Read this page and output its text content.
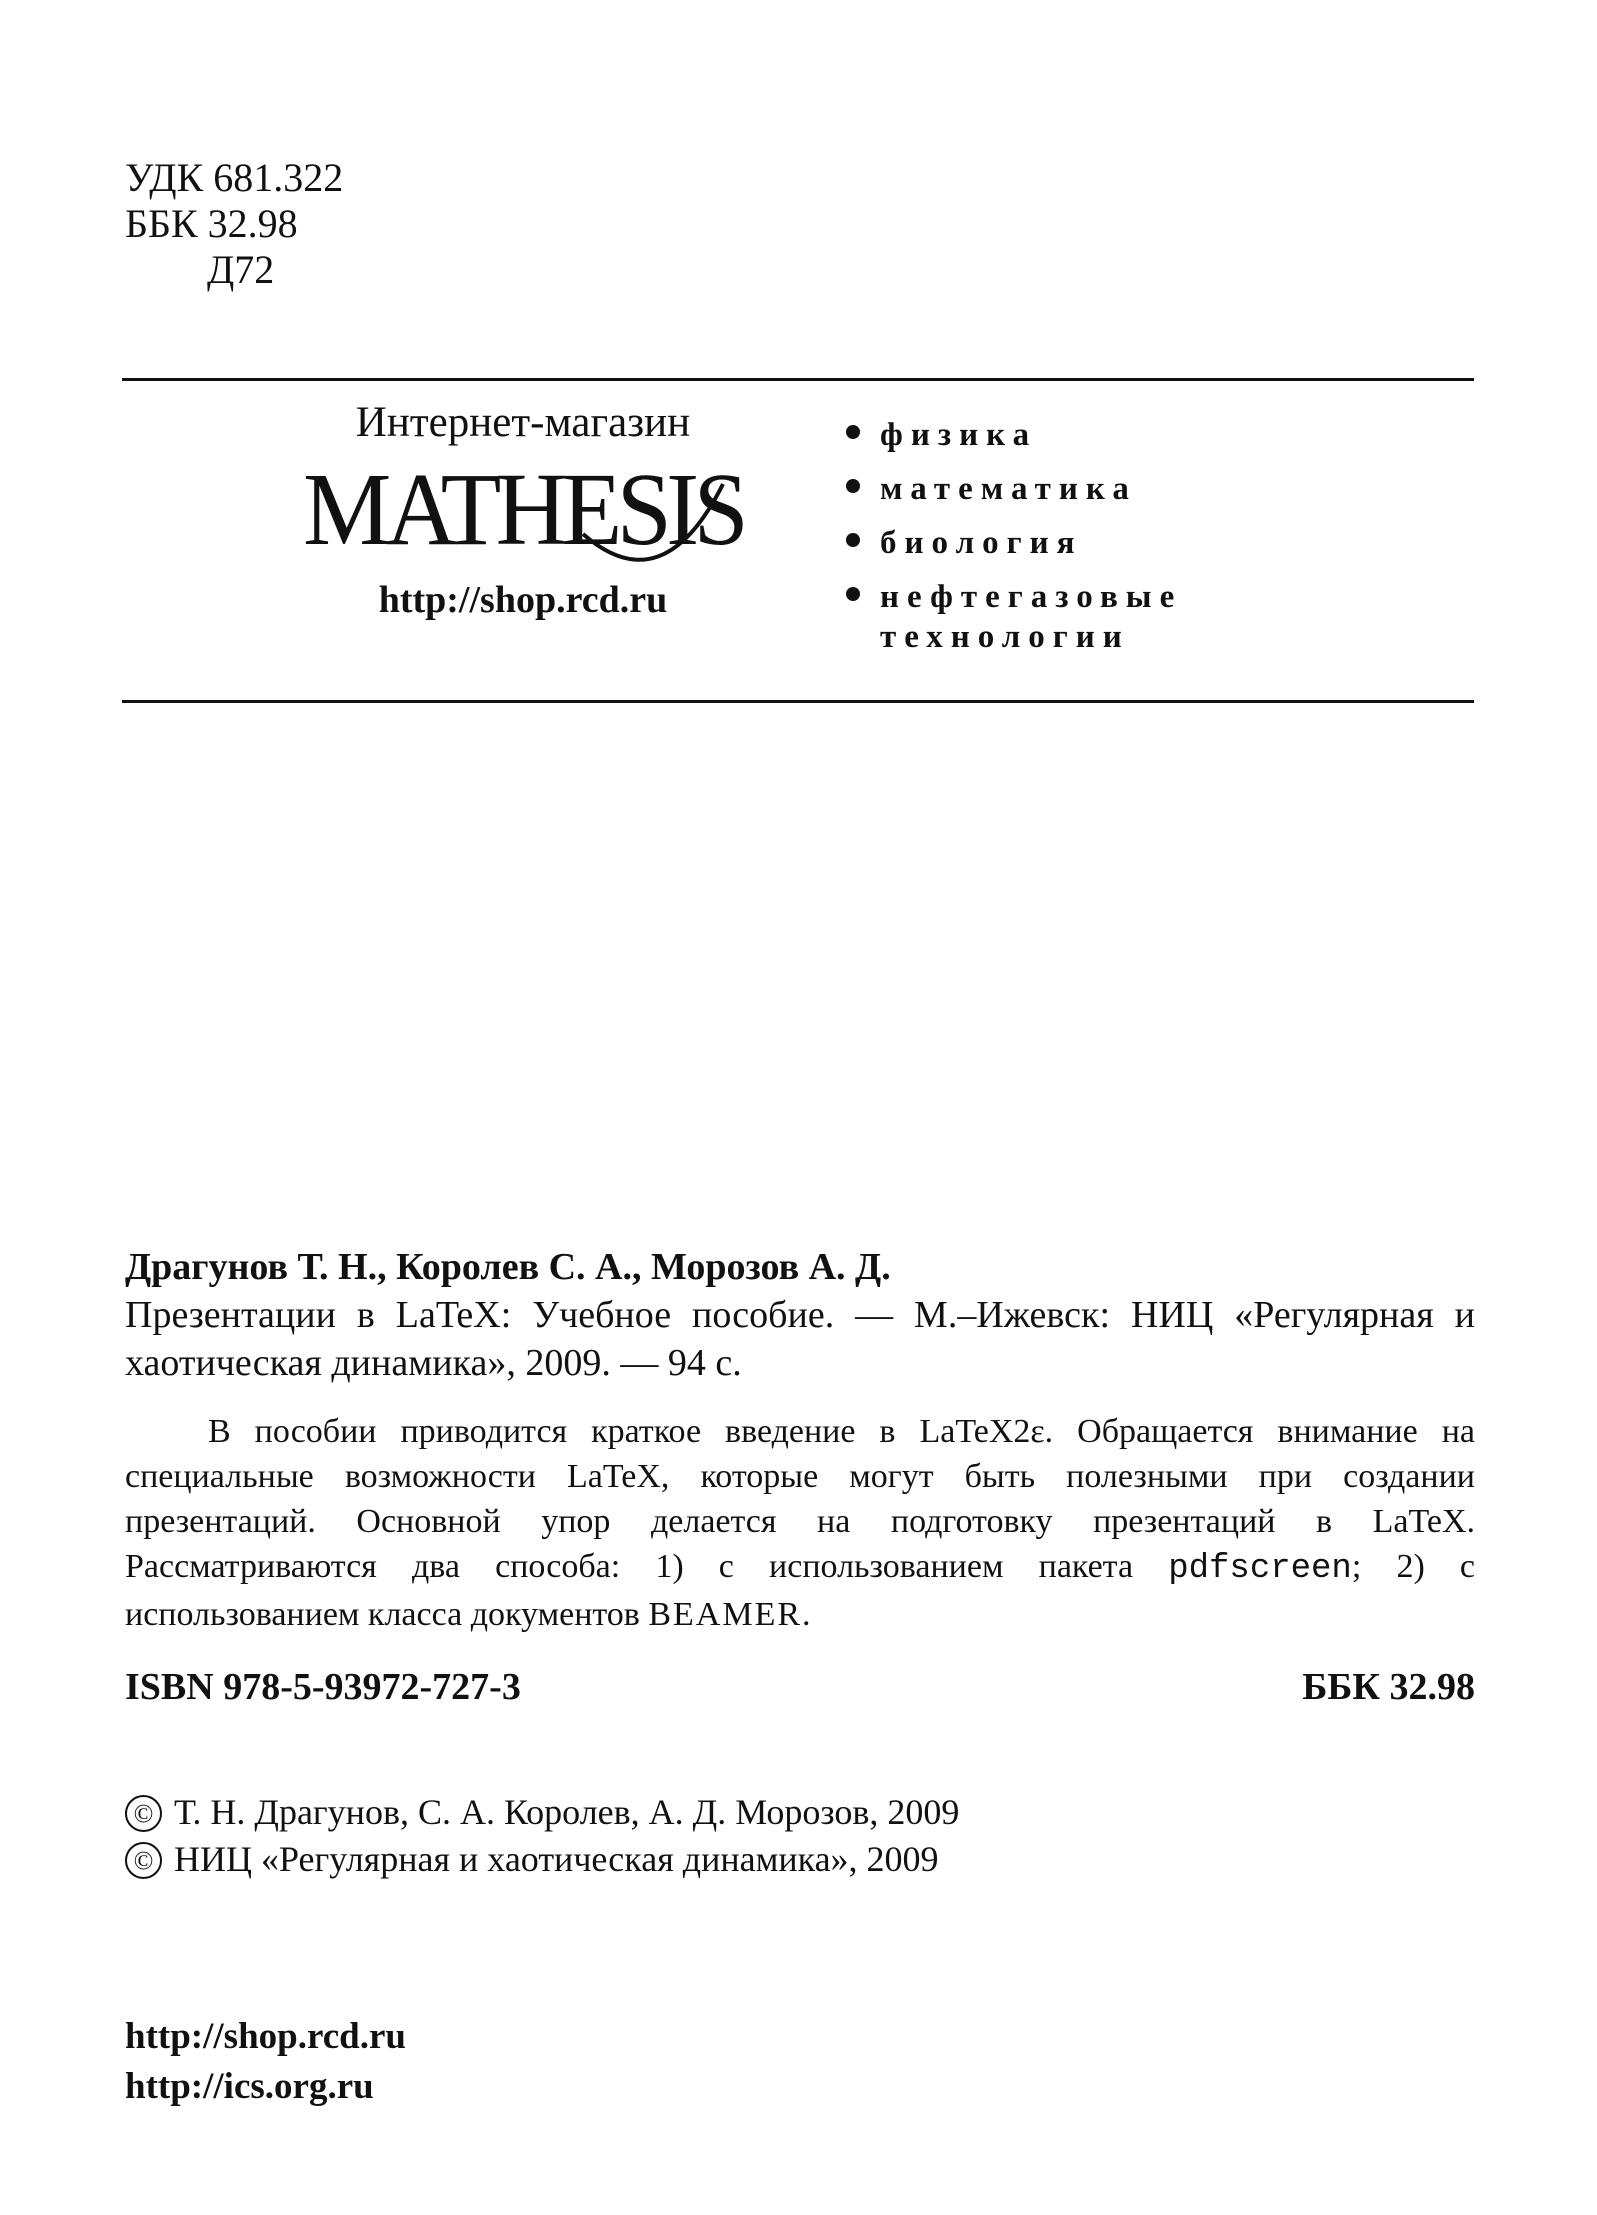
УДК 681.322
ББК 32.98
Д72
Интернет-магазин
MATHESIS
http://shop.rcd.ru
физика
математика
биология
нефтегазовые
технологии
Драгунов Т. Н., Королев С. А., Морозов А. Д.
Презентации в LaTeX: Учебное пособие. — М.–Ижевск: НИЦ «Регулярная и хаотическая динамика», 2009. — 94 с.
В пособии приводится краткое введение в LaTeX2ε. Обращается внимание на специальные возможности LaTeX, которые могут быть полезными при создании презентаций. Основной упор делается на подготовку презентаций в LaTeX. Рассматриваются два способа: 1) с использованием пакета pdfscreen; 2) с использованием класса документов BEAMER.
ISBN 978-5-93972-727-3	ББК 32.98
© Т. Н. Драгунов, С. А. Королев, А. Д. Морозов, 2009
© НИЦ «Регулярная и хаотическая динамика», 2009
http://shop.rcd.ru
http://ics.org.ru
